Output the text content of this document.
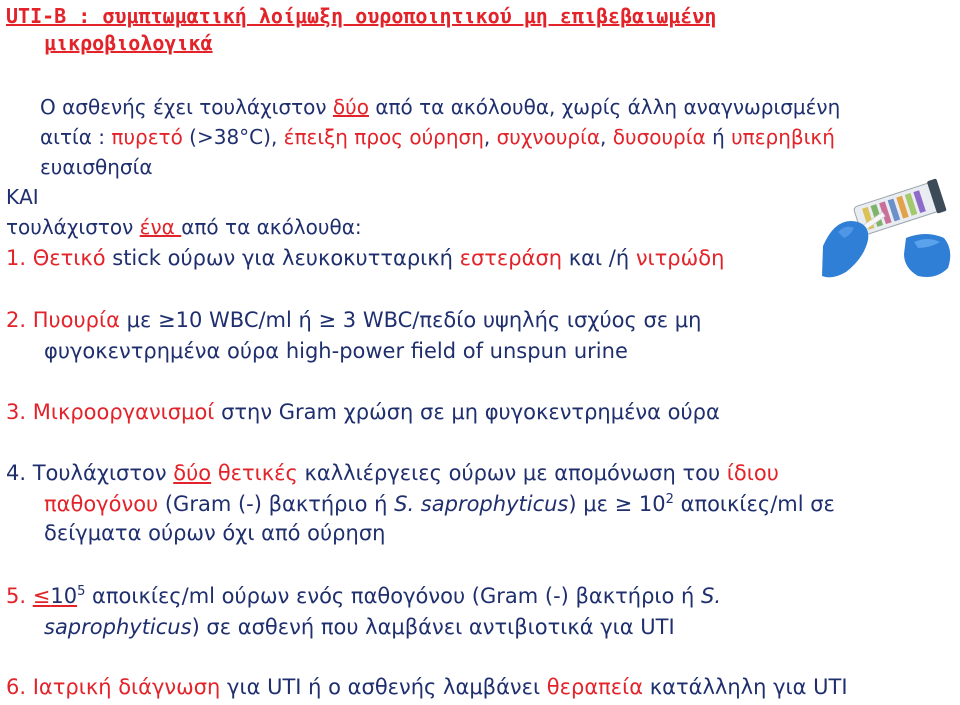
UTI-B : συμπτωματική λοίμωξη ουροποιητικού μη επιβεβαιωμένη

μικροβιολογικά

Ο ασθενής έχει τουλάχιστον δύο από τα ακόλουθα, χωρίς άλλη αναγνωρισμένη

αιτία : πυρετό (>38°C), έπειξη προς ούρηση, συχνουρία, δυσουρία ή υπερηβική

ευαισθησία

ΚΑΙ

τουλάχιστον ένα από τα ακόλουθα:

1. Θετικό stick ούρων για λευκοκυτταρική εστεράση και /ή νιτρώδη

2. Πυουρία με ≥10 WBC/ml ή ≥ 3 WBC/πεδίο υψηλής ισχύος σε μη

φυγοκεντρημένα ούρα high-power field of unspun urine

3. Μικροοργανισμοί στην Gram χρώση σε μη φυγοκεντρημένα ούρα

4. Τουλάχιστον δύο θετικές καλλιέργειες ούρων με απομόνωση του ίδιου

παθογόνου (Gram (-) βακτήριο ή S. saprophyticus) $\mu\varepsilon \ge 10^2$ αποικίες/ml σε

δείγματα ούρων όχι από ούρηση

5. $\le 10^5$ αποικίες/ml ούρων ενός παθογόνου (Gram (-) βακτήριο ή S.

saprophyticus) σε ασθενή που λαμβάνει αντιβιοτικά για UTI

6. Ιατρική διάγνωση για UTI ή ο ασθενής λαμβάνει θεραπεία κατάλληλη για UTI
